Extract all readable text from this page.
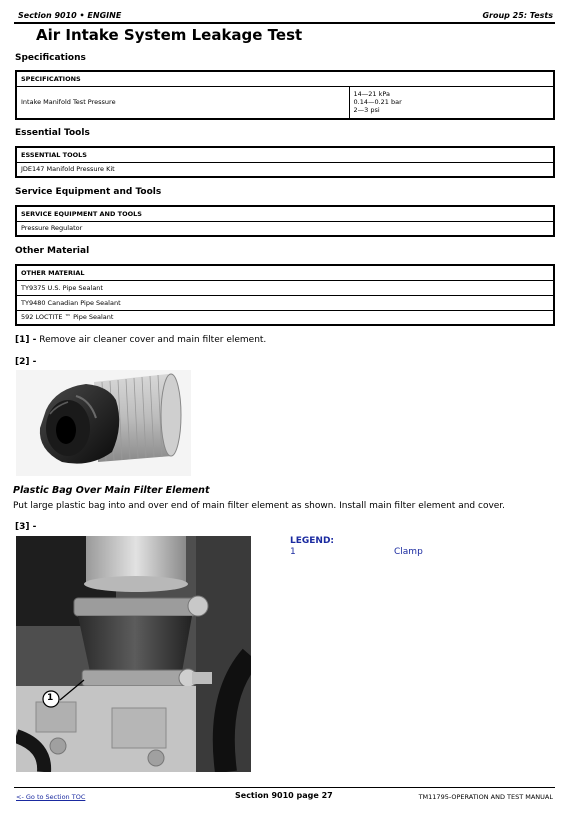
Section 9010 • ENGINE	Group 25: Tests
Air Intake System Leakage Test
Specifications
SPECIFICATIONS
Intake Manifold Test Pressure	
14—21 kPa
0.14—0.21 bar
2—3 psi
Essential Tools
ESSENTIAL TOOLS
JDE147 Manifold Pressure Kit
Service Equipment and Tools
SERVICE EQUIPMENT AND TOOLS
Pressure Regulator
Other Material
OTHER MATERIAL
TY9375 U.S. Pipe Sealant
TY9480 Canadian Pipe Sealant
592 LOCTITE ™ Pipe Sealant
[1] - Remove air cleaner cover and main filter element.
[2] -
Plastic Bag Over Main Filter Element
Put large plastic bag into and over end of main filter element as shown. Install main filter element and cover.
[3] -
1
LEGEND:
1	Clamp
<- Go to Section TOC	Section 9010 page 27	TM11795-OPERATION AND TEST MANUAL
